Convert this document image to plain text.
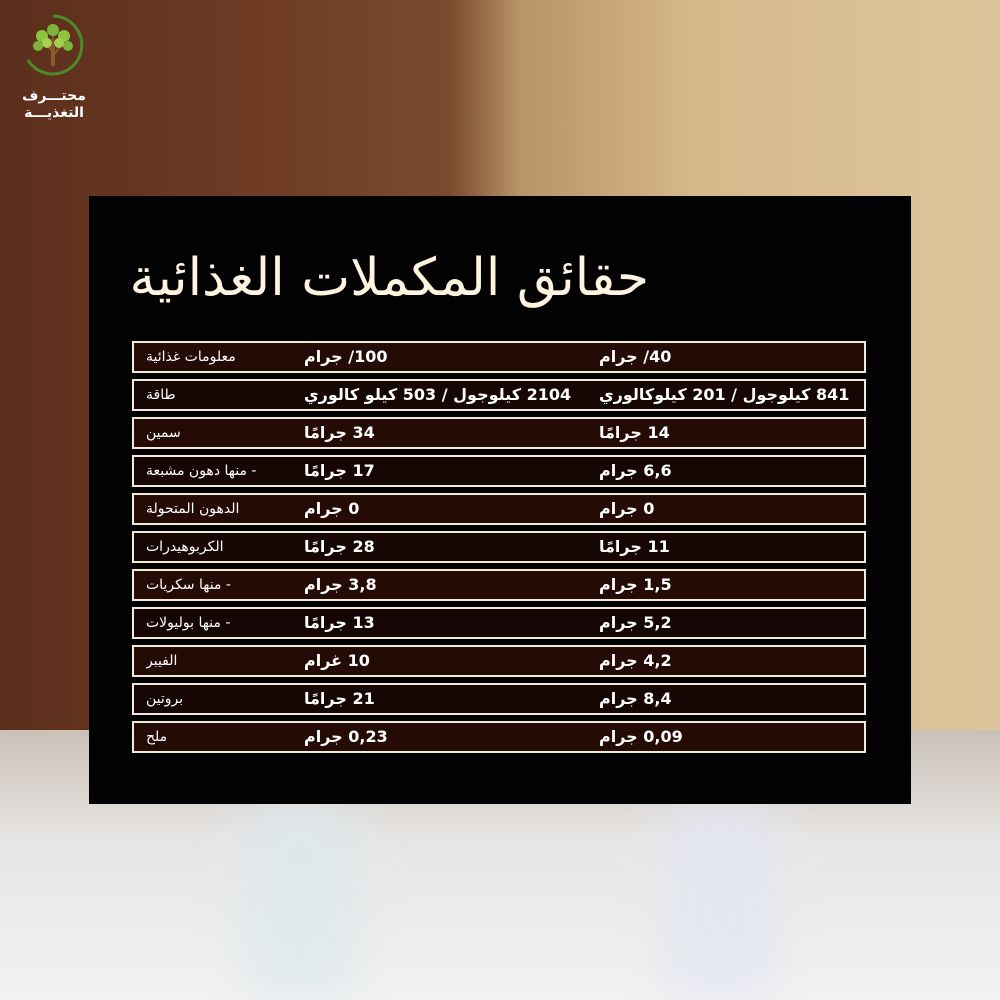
محتـــرف
التغذيـــة
حقائق المكملات الغذائية
معلومات غذائية	100/ جرام	40/ جرام
طاقة	2104 كيلوجول / 503 كيلو كالوري	841 كيلوجول / 201 كيلوكالوري
سمين	34 جرامًا	14 جرامًا
- منها دهون مشبعة	17 جرامًا	6,6 جرام
الدهون المتحولة	0 جرام	0 جرام
الكربوهيدرات	28 جرامًا	11 جرامًا
- منها سكريات	3,8 جرام	1,5 جرام
- منها بوليولات	13 جرامًا	5,2 جرام
الفيبر	10 غرام	4,2 جرام
بروتين	21 جرامًا	8,4 جرام
ملح	0,23 جرام	0,09 جرام
